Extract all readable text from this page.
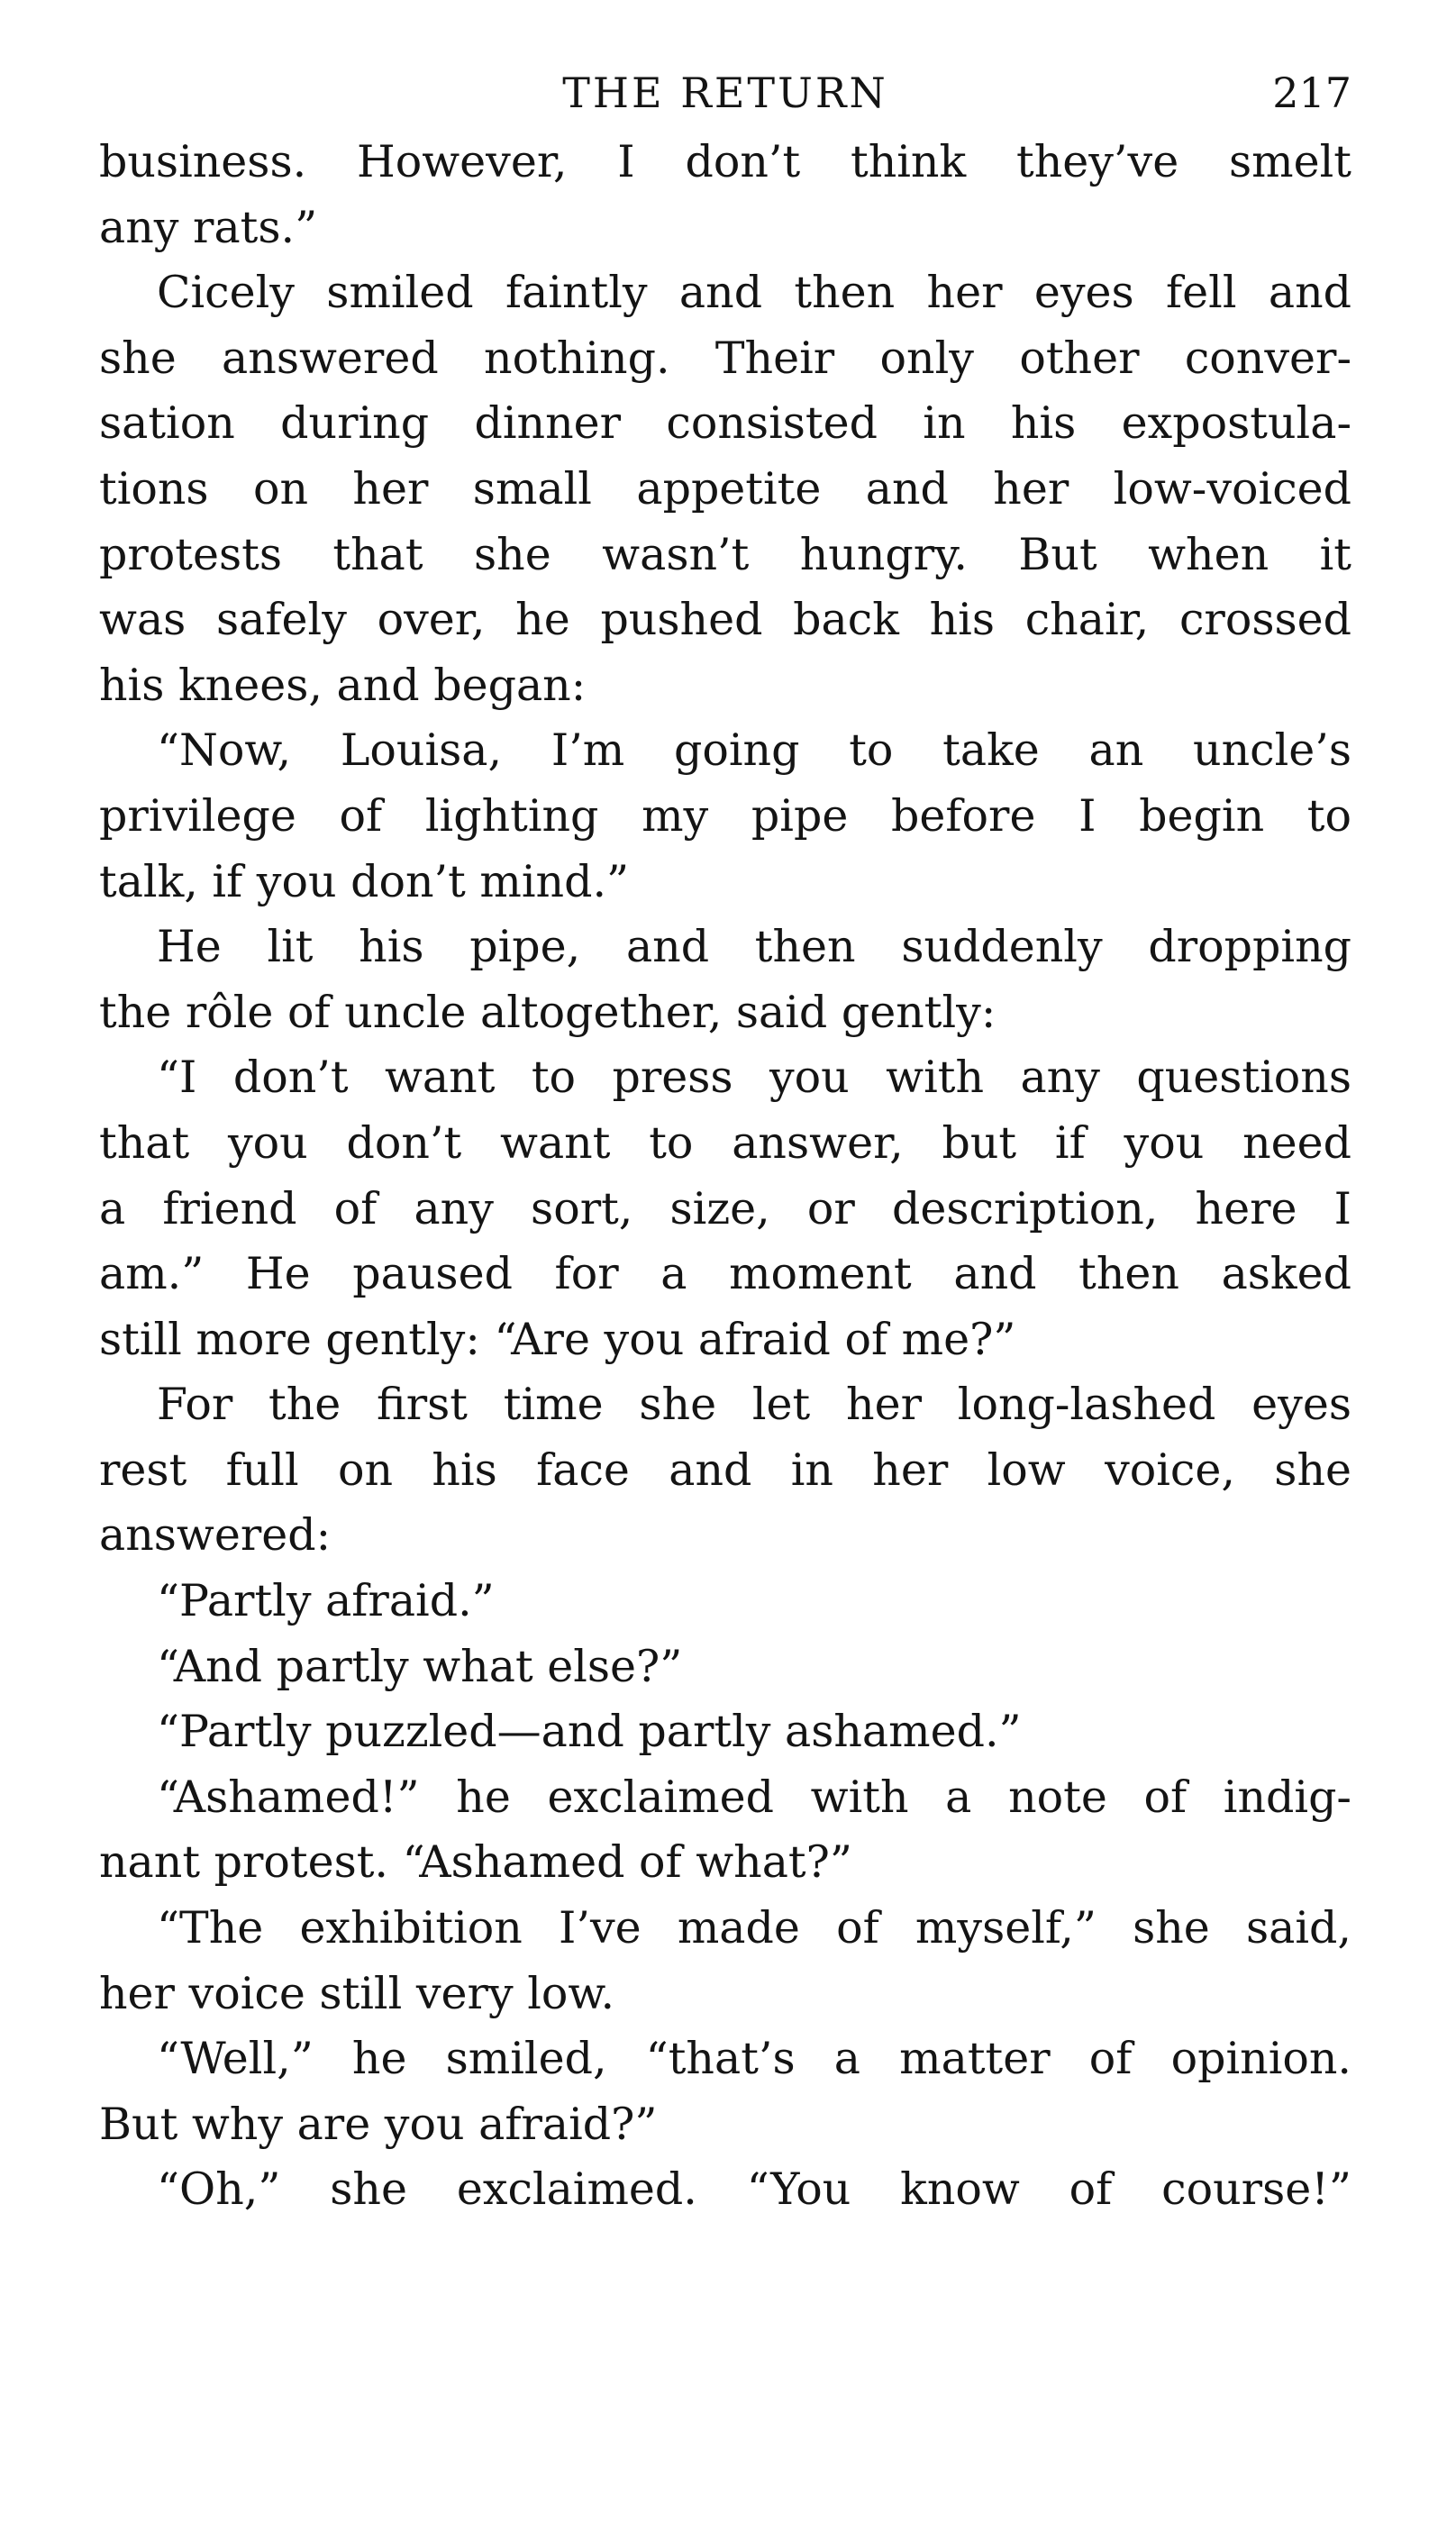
THE RETURN	217
business. However, I don’t think they’ve smelt
any rats.”
Cicely smiled faintly and then her eyes fell and
she answered nothing. Their only other conver-
sation during dinner consisted in his expostula-
tions on her small appetite and her low-voiced
protests that she wasn’t hungry. But when it
was safely over, he pushed back his chair, crossed
his knees, and began:
“Now, Louisa, I’m going to take an uncle’s
privilege of lighting my pipe before I begin to
talk, if you don’t mind.”
He lit his pipe, and then suddenly dropping
the rôle of uncle altogether, said gently:
“I don’t want to press you with any questions
that you don’t want to answer, but if you need
a friend of any sort, size, or description, here I
am.” He paused for a moment and then asked
still more gently: “Are you afraid of me?”
For the first time she let her long-lashed eyes
rest full on his face and in her low voice, she
answered:
“Partly afraid.”
“And partly what else?”
“Partly puzzled—and partly ashamed.”
“Ashamed!” he exclaimed with a note of indig-
nant protest. “Ashamed of what?”
“The exhibition I’ve made of myself,” she said,
her voice still very low.
“Well,” he smiled, “that’s a matter of opinion.
But why are you afraid?”
“Oh,” she exclaimed. “You know of course!”
